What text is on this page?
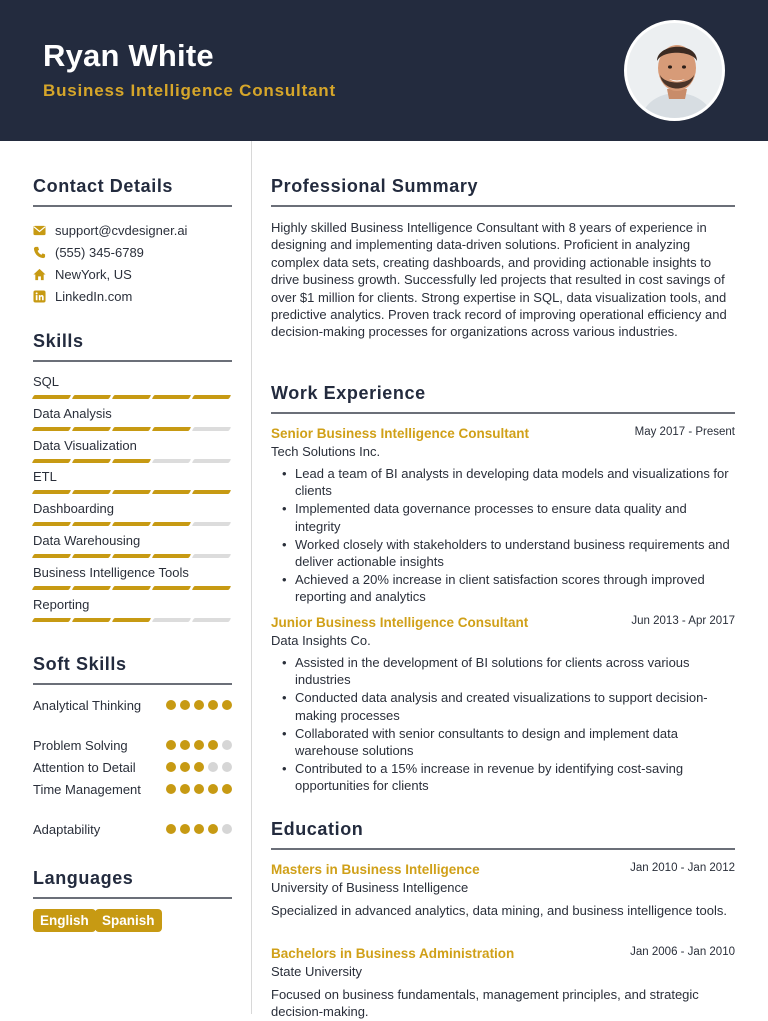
Ryan White
Business Intelligence Consultant
Contact Details
support@cvdesigner.ai
(555) 345-6789
NewYork, US
LinkedIn.com
Skills
SQL
Data Analysis
Data Visualization
ETL
Dashboarding
Data Warehousing
Business Intelligence Tools
Reporting
Soft Skills
Analytical Thinking
Problem Solving
Attention to Detail
Time Management
Adaptability
Languages
English Spanish
Professional Summary
Highly skilled Business Intelligence Consultant with 8 years of experience in designing and implementing data-driven solutions. Proficient in analyzing complex data sets, creating dashboards, and providing actionable insights to drive business growth. Successfully led projects that resulted in cost savings of over $1 million for clients. Strong expertise in SQL, data visualization tools, and predictive analytics. Proven track record of improving operational efficiency and decision-making processes for organizations across various industries.
Work Experience
Senior Business Intelligence Consultant	May 2017 - Present
Tech Solutions Inc.
• Lead a team of BI analysts in developing data models and visualizations for clients
• Implemented data governance processes to ensure data quality and integrity
• Worked closely with stakeholders to understand business requirements and deliver actionable insights
• Achieved a 20% increase in client satisfaction scores through improved reporting and analytics
Junior Business Intelligence Consultant	Jun 2013 - Apr 2017
Data Insights Co.
• Assisted in the development of BI solutions for clients across various industries
• Conducted data analysis and created visualizations to support decision-making processes
• Collaborated with senior consultants to design and implement data warehouse solutions
• Contributed to a 15% increase in revenue by identifying cost-saving opportunities for clients
Education
Masters in Business Intelligence	Jan 2010 - Jan 2012
University of Business Intelligence
Specialized in advanced analytics, data mining, and business intelligence tools.
Bachelors in Business Administration	Jan 2006 - Jan 2010
State University
Focused on business fundamentals, management principles, and strategic decision-making.
